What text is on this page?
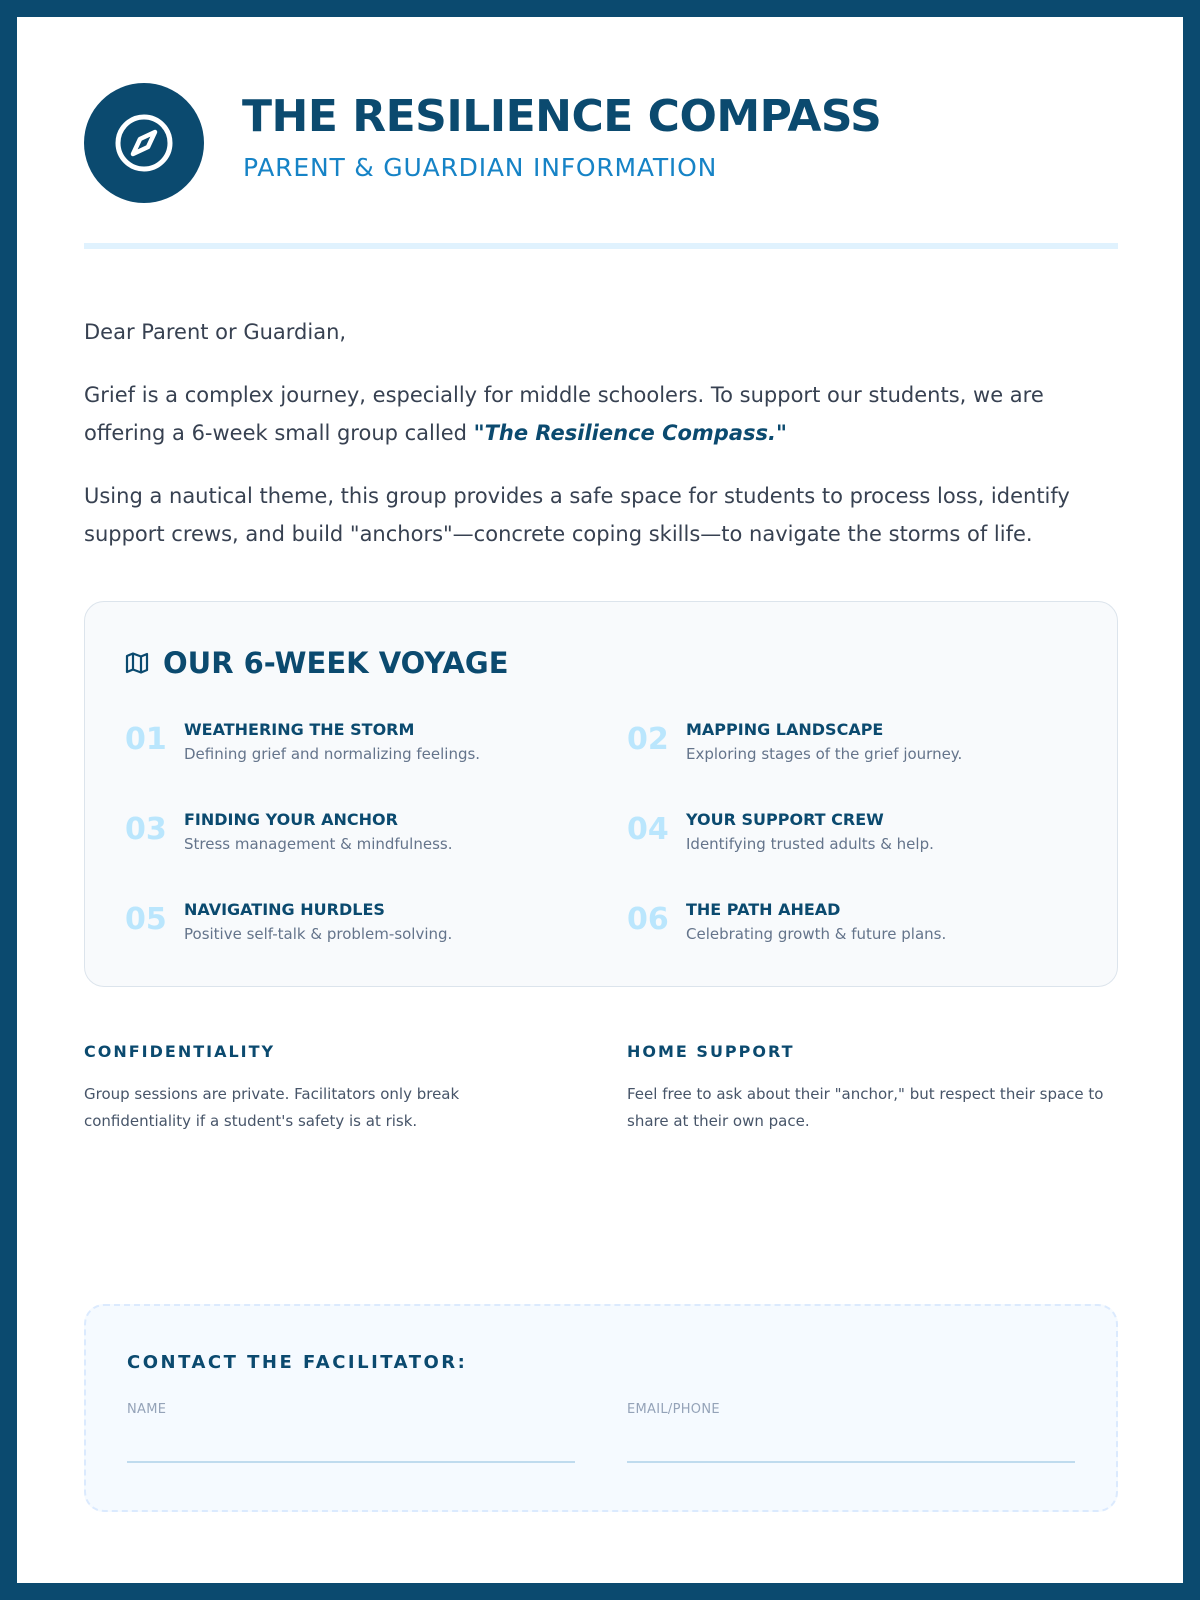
THE RESILIENCE COMPASS
PARENT & GUARDIAN INFORMATION

Dear Parent or Guardian,

Grief is a complex journey, especially for middle schoolers. To support our students, we are offering a 6-week small group called "The Resilience Compass."

Using a nautical theme, this group provides a safe space for students to process loss, identify support crews, and build "anchors"—concrete coping skills—to navigate the storms of life.

OUR 6-WEEK VOYAGE
01 WEATHERING THE STORM
Defining grief and normalizing feelings.	02 MAPPING LANDSCAPE
Exploring stages of the grief journey.
03 FINDING YOUR ANCHOR
Stress management & mindfulness.	04 YOUR SUPPORT CREW
Identifying trusted adults & help.
05 NAVIGATING HURDLES
Positive self-talk & problem-solving.	06 THE PATH AHEAD
Celebrating growth & future plans.
CONFIDENTIALITY
Group sessions are private. Facilitators only break confidentiality if a student's safety is at risk.
HOME SUPPORT
Feel free to ask about their "anchor," but respect their space to share at their own pace.
CONTACT THE FACILITATOR:
NAME	EMAIL/PHONE
